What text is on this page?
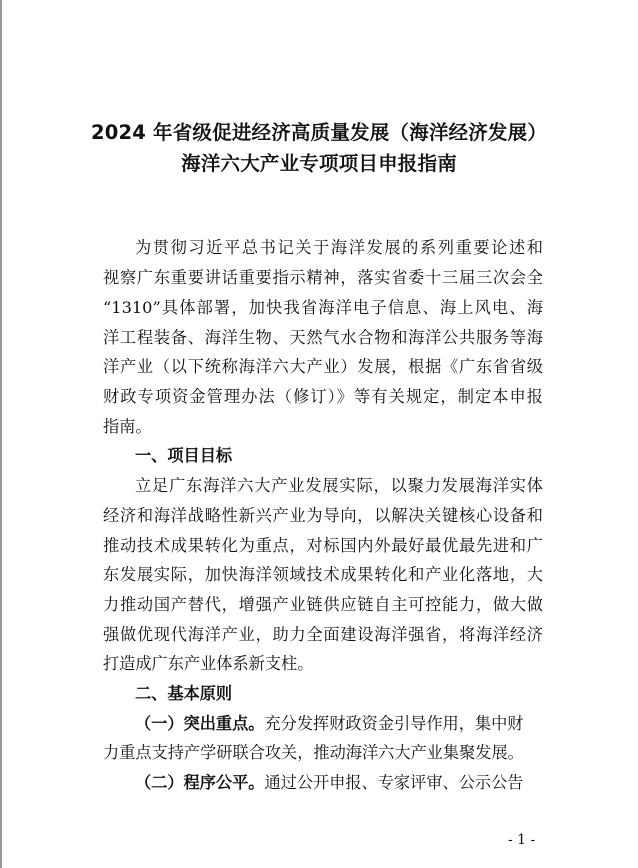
2024 年省级促进经济高质量发展（海洋经济发展）
海洋六大产业专项项目申报指南
为贯彻习近平总书记关于海洋发展的系列重要论述和
视察广东重要讲话重要指示精神，落实省委十三届三次会全
“1310”具体部署，加快我省海洋电子信息、海上风电、海
洋工程装备、海洋生物、天然气水合物和海洋公共服务等海
洋产业（以下统称海洋六大产业）发展，根据《广东省省级
财政专项资金管理办法（修订）》等有关规定，制定本申报
指南。
一、项目目标
立足广东海洋六大产业发展实际，以聚力发展海洋实体
经济和海洋战略性新兴产业为导向，以解决关键核心设备和
推动技术成果转化为重点，对标国内外最好最优最先进和广
东发展实际，加快海洋领域技术成果转化和产业化落地，大
力推动国产替代，增强产业链供应链自主可控能力，做大做
强做优现代海洋产业，助力全面建设海洋强省，将海洋经济
打造成广东产业体系新支柱。
二、基本原则
（一）突出重点。充分发挥财政资金引导作用，集中财
力重点支持产学研联合攻关，推动海洋六大产业集聚发展。
（二）程序公平。通过公开申报、专家评审、公示公告
- 1 -
